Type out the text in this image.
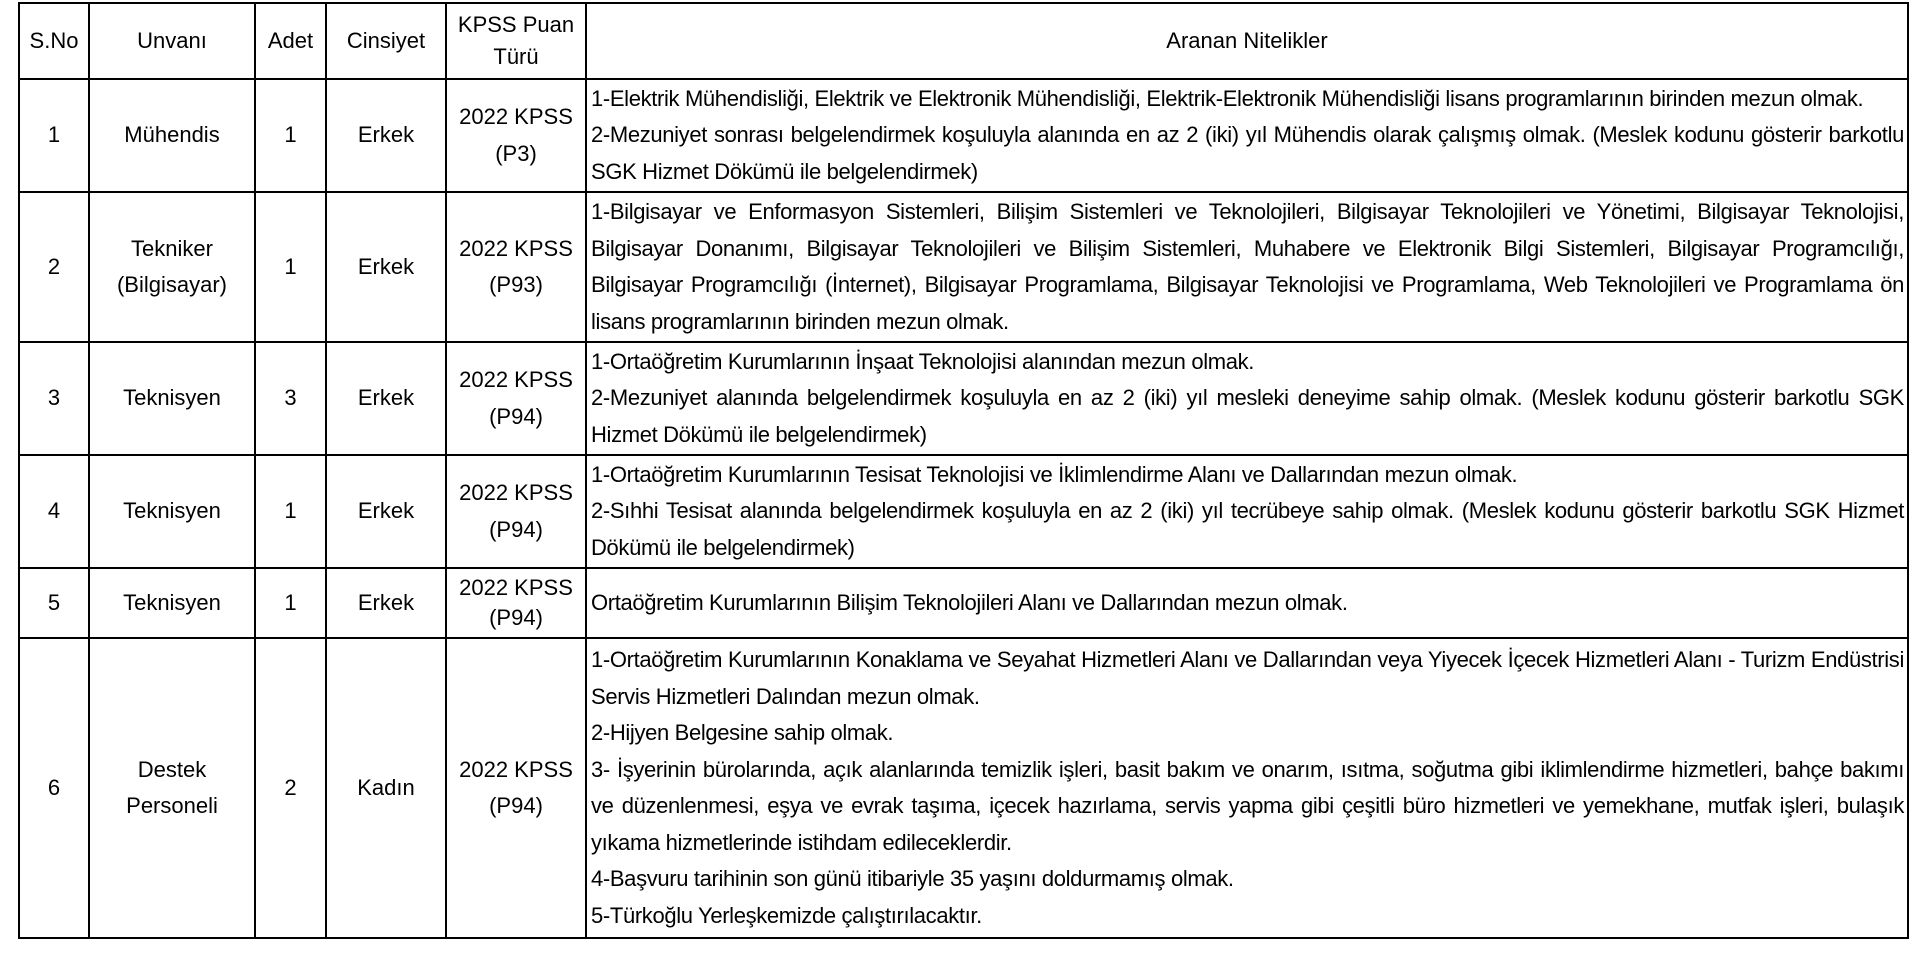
S.No	Unvanı	Adet	Cinsiyet	KPSS Puan Türü	Aranan Nitelikler
1	Mühendis	1	Erkek	2022 KPSS (P3)	1-Elektrik Mühendisliği, Elektrik ve Elektronik Mühendisliği, Elektrik-Elektronik Mühendisliği lisans programlarının birinden mezun olmak.
2-Mezuniyet sonrası belgelendirmek koşuluyla alanında en az 2 (iki) yıl Mühendis olarak çalışmış olmak. (Meslek kodunu gösterir barkotlu SGK Hizmet Dökümü ile belgelendirmek)

2	Tekniker (Bilgisayar)	1	Erkek	2022 KPSS (P93)	1-Bilgisayar ve Enformasyon Sistemleri, Bilişim Sistemleri ve Teknolojileri, Bilgisayar Teknolojileri ve Yönetimi, Bilgisayar Teknolojisi, Bilgisayar Donanımı, Bilgisayar Teknolojileri ve Bilişim Sistemleri, Muhabere ve Elektronik Bilgi Sistemleri, Bilgisayar Programcılığı, Bilgisayar Programcılığı (İnternet), Bilgisayar Programlama, Bilgisayar Teknolojisi ve Programlama, Web Teknolojileri ve Programlama ön lisans programlarının birinden mezun olmak.

3	Teknisyen	3	Erkek	2022 KPSS (P94)	1-Ortaöğretim Kurumlarının İnşaat Teknolojisi alanından mezun olmak.
2-Mezuniyet alanında belgelendirmek koşuluyla en az 2 (iki) yıl mesleki deneyime sahip olmak. (Meslek kodunu gösterir barkotlu SGK Hizmet Dökümü ile belgelendirmek)

4	Teknisyen	1	Erkek	2022 KPSS (P94)	1-Ortaöğretim Kurumlarının Tesisat Teknolojisi ve İklimlendirme Alanı ve Dallarından mezun olmak.
2-Sıhhi Tesisat alanında belgelendirmek koşuluyla en az 2 (iki) yıl tecrübeye sahip olmak. (Meslek kodunu gösterir barkotlu SGK Hizmet Dökümü ile belgelendirmek)

5	Teknisyen	1	Erkek	2022 KPSS (P94)	Ortaöğretim Kurumlarının Bilişim Teknolojileri Alanı ve Dallarından mezun olmak.

6	Destek Personeli	2	Kadın	2022 KPSS (P94)	1-Ortaöğretim Kurumlarının Konaklama ve Seyahat Hizmetleri Alanı ve Dallarından veya Yiyecek İçecek Hizmetleri Alanı - Turizm Endüstrisi Servis Hizmetleri Dalından mezun olmak.
2-Hijyen Belgesine sahip olmak.
3- İşyerinin bürolarında, açık alanlarında temizlik işleri, basit bakım ve onarım, ısıtma, soğutma gibi iklimlendirme hizmetleri, bahçe bakımı ve düzenlenmesi, eşya ve evrak taşıma, içecek hazırlama, servis yapma gibi çeşitli büro hizmetleri ve yemekhane, mutfak işleri, bulaşık yıkama hizmetlerinde istihdam edileceklerdir.
4-Başvuru tarihinin son günü itibariyle 35 yaşını doldurmamış olmak.
5-Türkoğlu Yerleşkemizde çalıştırılacaktır.
